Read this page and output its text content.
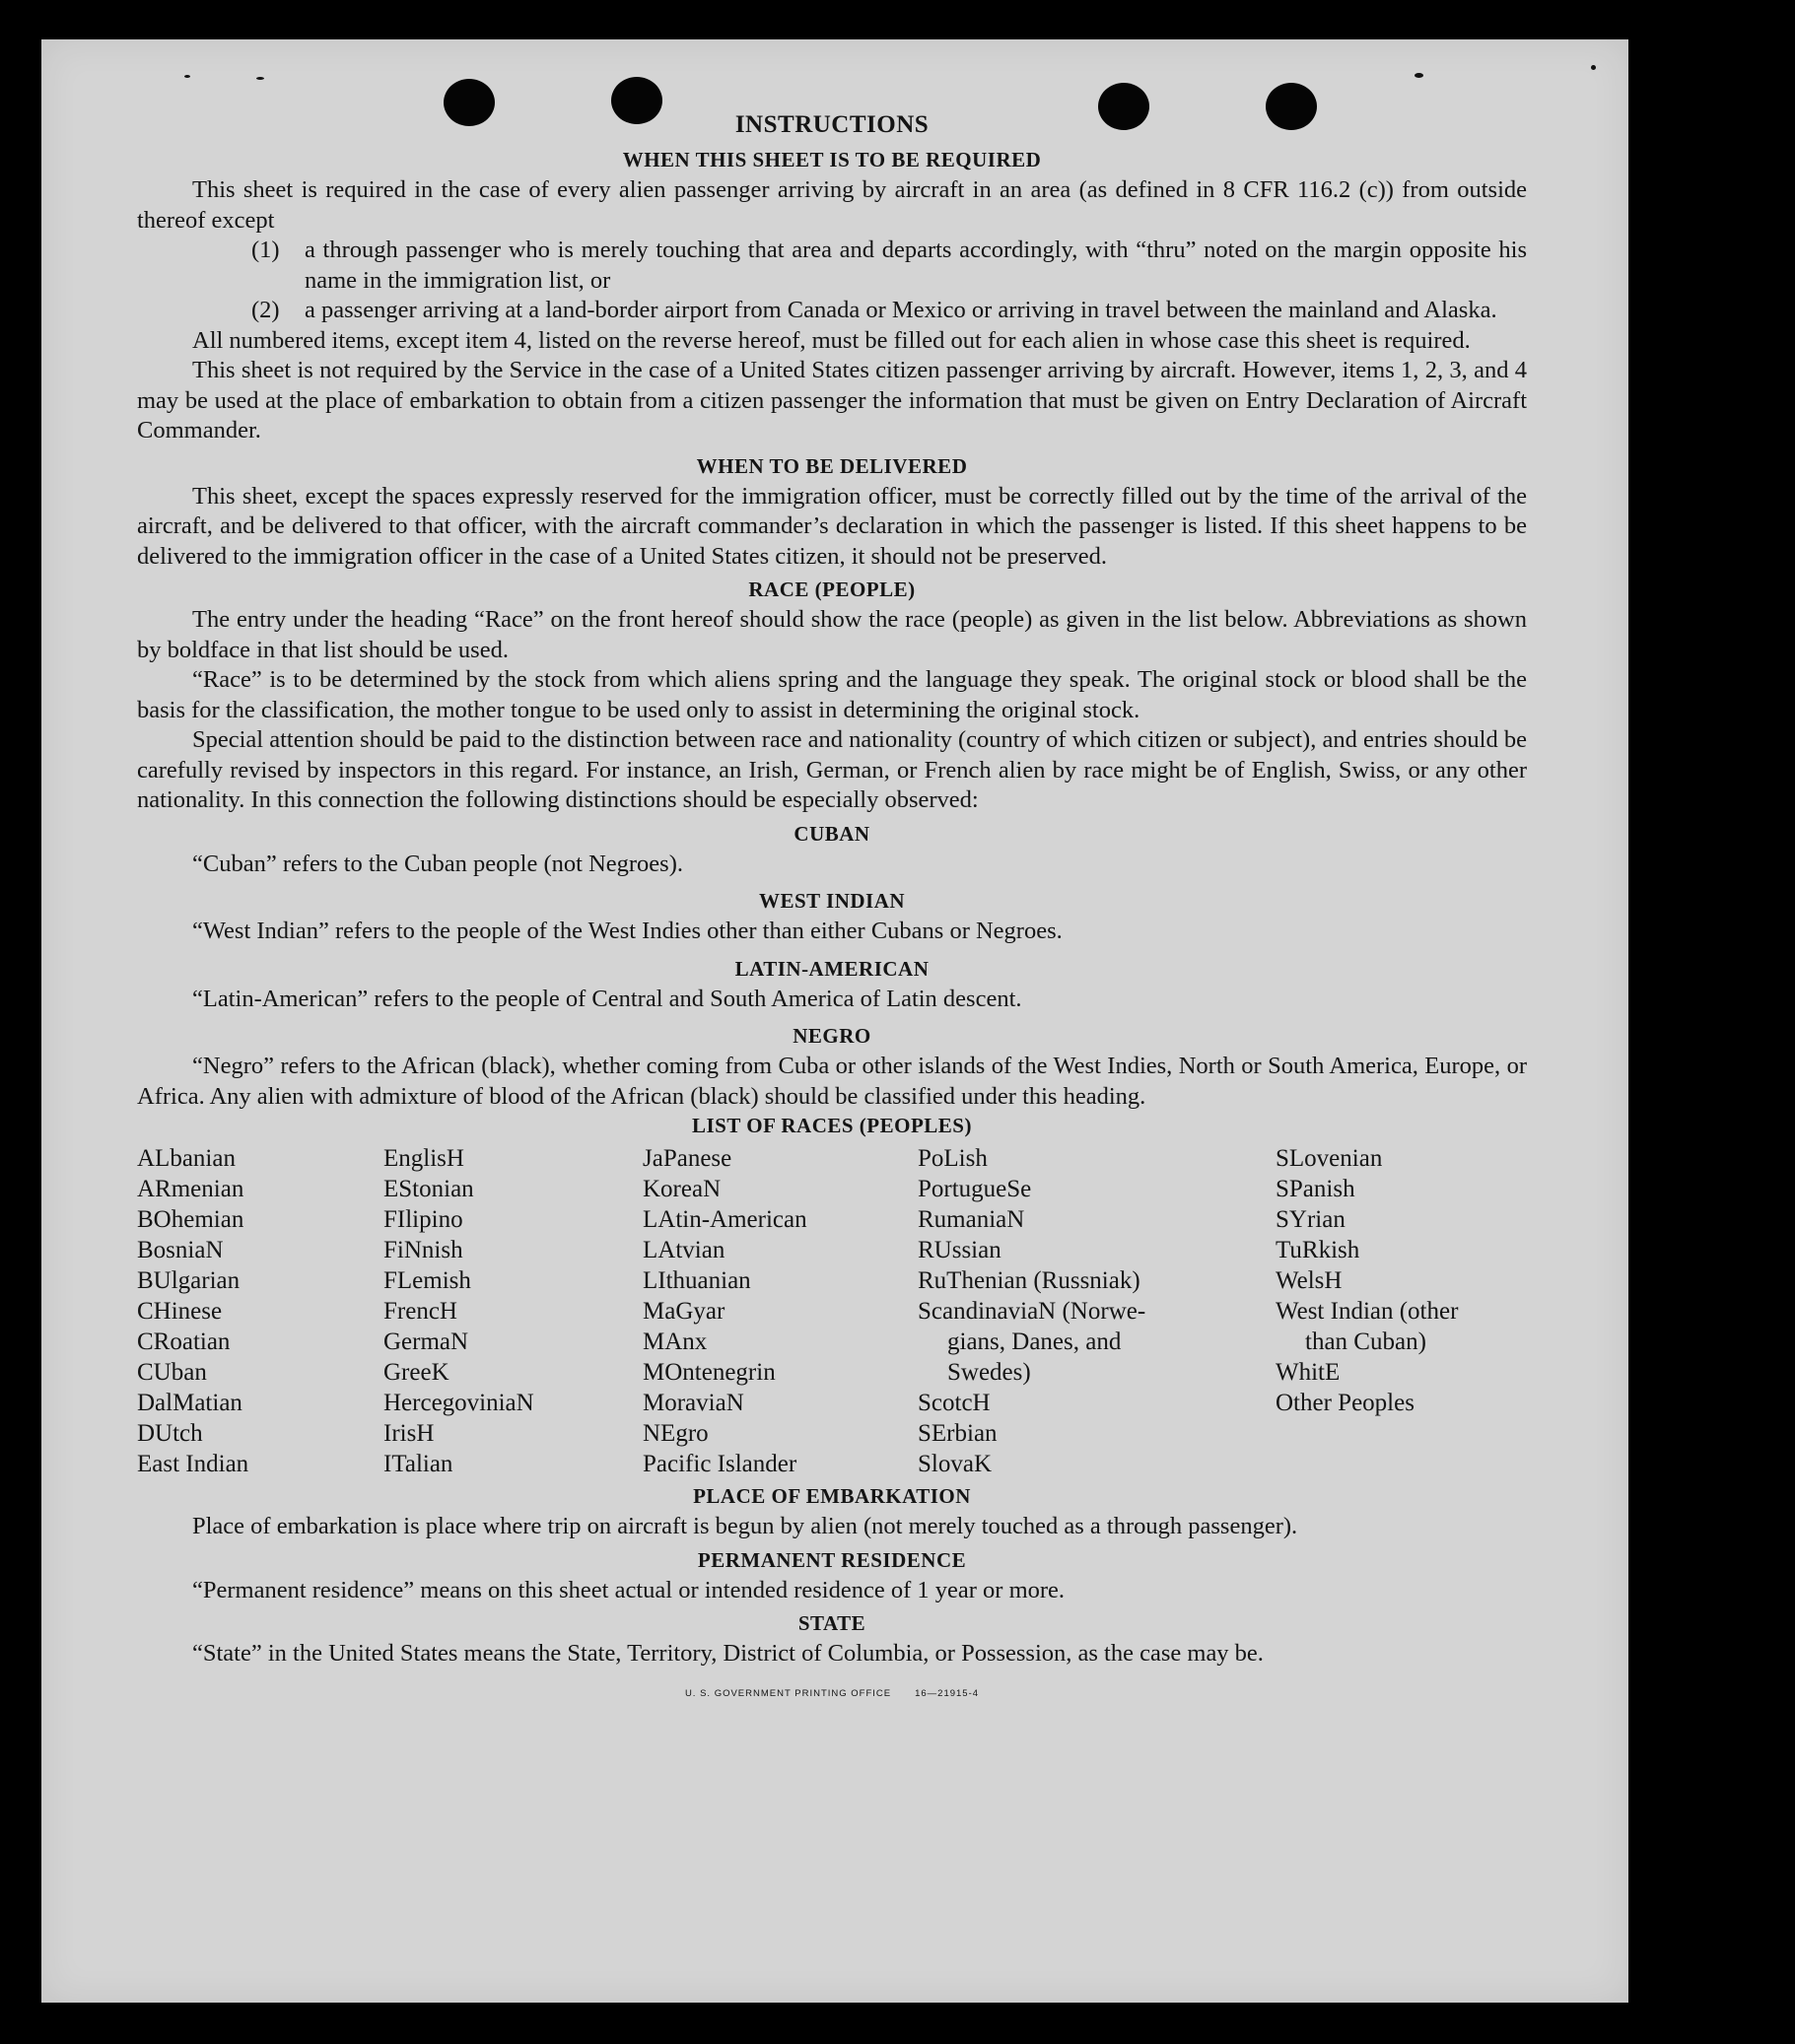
INSTRUCTIONS
WHEN THIS SHEET IS TO BE REQUIRED

This sheet is required in the case of every alien passenger arriving by aircraft in an area (as defined in 8 CFR 116.2 (c)) from outside thereof except

(1) a through passenger who is merely touching that area and departs accordingly, with “thru” noted on the margin opposite his name in the immigration list, or
(2) a passenger arriving at a land-border airport from Canada or Mexico or arriving in travel between the mainland and Alaska.

All numbered items, except item 4, listed on the reverse hereof, must be filled out for each alien in whose case this sheet is required.

This sheet is not required by the Service in the case of a United States citizen passenger arriving by aircraft. However, items 1, 2, 3, and 4 may be used at the place of embarkation to obtain from a citizen passenger the information that must be given on Entry Declaration of Aircraft Commander.

WHEN TO BE DELIVERED

This sheet, except the spaces expressly reserved for the immigration officer, must be correctly filled out by the time of the arrival of the aircraft, and be delivered to that officer, with the aircraft commander’s declaration in which the passenger is listed. If this sheet happens to be delivered to the immigration officer in the case of a United States citizen, it should not be preserved.

RACE (PEOPLE)

The entry under the heading “Race” on the front hereof should show the race (people) as given in the list below. Abbreviations as shown by boldface in that list should be used.

“Race” is to be determined by the stock from which aliens spring and the language they speak. The original stock or blood shall be the basis for the classification, the mother tongue to be used only to assist in determining the original stock.

Special attention should be paid to the distinction between race and nationality (country of which citizen or subject), and entries should be carefully revised by inspectors in this regard. For instance, an Irish, German, or French alien by race might be of English, Swiss, or any other nationality. In this connection the following distinctions should be especially observed:

CUBAN

“Cuban” refers to the Cuban people (not Negroes).

WEST INDIAN

“West Indian” refers to the people of the West Indies other than either Cubans or Negroes.

LATIN-AMERICAN

“Latin-American” refers to the people of Central and South America of Latin descent.

NEGRO

“Negro” refers to the African (black), whether coming from Cuba or other islands of the West Indies, North or South America, Europe, or Africa. Any alien with admixture of blood of the African (black) should be classified under this heading.

LIST OF RACES (PEOPLES)
ALbanian
ARmenian
BOhemian
BosniaN
BUlgarian
CHinese
CRoatian
CUban
DalMatian
DUtch
East Indian
EnglisH
EStonian
FIlipino
FiNnish
FLemish
FrencH
GermaN
GreeK
HercegoviniaN
IrisH
ITalian
JaPanese
KoreaN
LAtin-American
LAtvian
LIthuanian
MaGyar
MAnx
MOntenegrin
MoraviaN
NEgro
Pacific Islander
PoLish
PortugueSe
RumaniaN
RUssian
RuThenian (Russniak)
ScandinaviaN (Norwe-
gians, Danes, and
Swedes)
ScotcH
SErbian
SlovaK
SLovenian
SPanish
SYrian
TuRkish
WelsH
West Indian (other
than Cuban)
WhitE
Other Peoples
PLACE OF EMBARKATION

Place of embarkation is place where trip on aircraft is begun by alien (not merely touched as a through passenger).

PERMANENT RESIDENCE

“Permanent residence” means on this sheet actual or intended residence of 1 year or more.

STATE

“State” in the United States means the State, Territory, District of Columbia, or Possession, as the case may be.

U. S. GOVERNMENT PRINTING OFFICE	16—21915-4
